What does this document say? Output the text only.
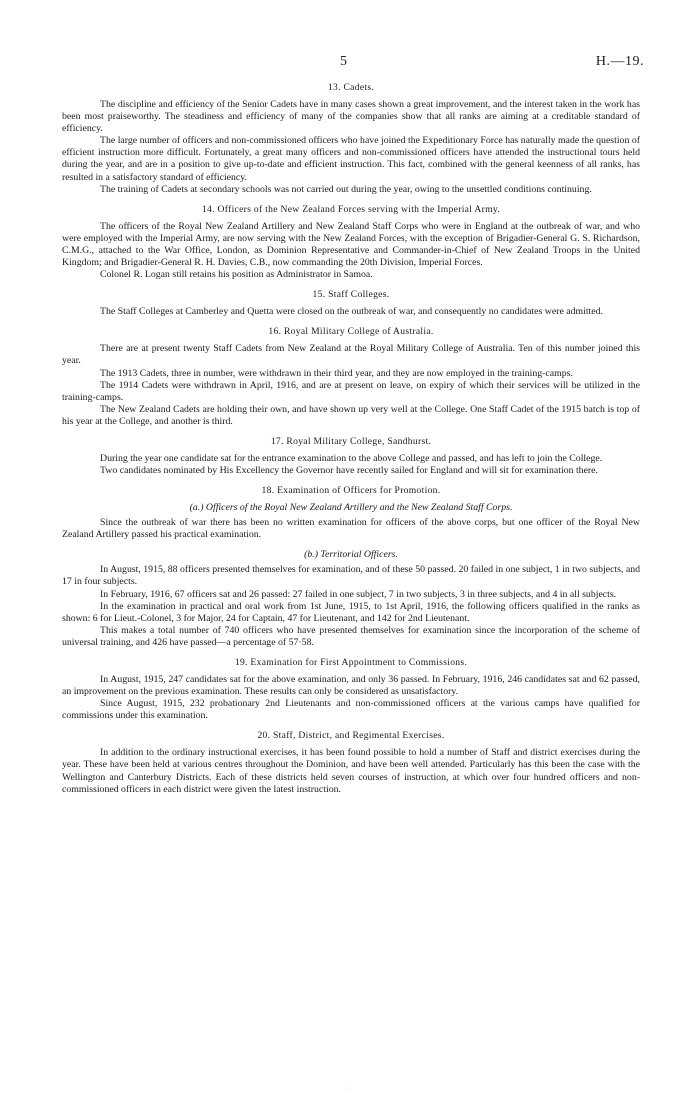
5	H.—19.
13. Cadets.

The discipline and efficiency of the Senior Cadets have in many cases shown a great improvement, and the interest taken in the work has been most praiseworthy. The steadiness and efficiency of many of the companies show that all ranks are aiming at a creditable standard of efficiency.

The large number of officers and non-commissioned officers who have joined the Expeditionary Force has naturally made the question of efficient instruction more difficult. Fortunately, a great many officers and non-commissioned officers have attended the instructional tours held during the year, and are in a position to give up-to-date and efficient instruction. This fact, combined with the general keenness of all ranks, has resulted in a satisfactory standard of efficiency.

The training of Cadets at secondary schools was not carried out during the year, owing to the unsettled conditions continuing.

14. Officers of the New Zealand Forces serving with the Imperial Army.

The officers of the Royal New Zealand Artillery and New Zealand Staff Corps who were in England at the outbreak of war, and who were employed with the Imperial Army, are now serving with the New Zealand Forces, with the exception of Brigadier-General G. S. Richardson, C.M.G., attached to the War Office, London, as Dominion Representative and Commander-in-Chief of New Zealand Troops in the United Kingdom; and Brigadier-General R. H. Davies, C.B., now commanding the 20th Division, Imperial Forces.

Colonel R. Logan still retains his position as Administrator in Samoa.

15. Staff Colleges.

The Staff Colleges at Camberley and Quetta were closed on the outbreak of war, and consequently no candidates were admitted.

16. Royal Military College of Australia.

There are at present twenty Staff Cadets from New Zealand at the Royal Military College of Australia. Ten of this number joined this year.

The 1913 Cadets, three in number, were withdrawn in their third year, and they are now employed in the training-camps.

The 1914 Cadets were withdrawn in April, 1916, and are at present on leave, on expiry of which their services will be utilized in the training-camps.

The New Zealand Cadets are holding their own, and have shown up very well at the College. One Staff Cadet of the 1915 batch is top of his year at the College, and another is third.

17. Royal Military College, Sandhurst.

During the year one candidate sat for the entrance examination to the above College and passed, and has left to join the College.

Two candidates nominated by His Excellency the Governor have recently sailed for England and will sit for examination there.

18. Examination of Officers for Promotion.
(a.) Officers of the Royal New Zealand Artillery and the New Zealand Staff Corps.

Since the outbreak of war there has been no written examination for officers of the above corps, but one officer of the Royal New Zealand Artillery passed his practical examination.

(b.) Territorial Officers.

In August, 1915, 88 officers presented themselves for examination, and of these 50 passed. 20 failed in one subject, 1 in two subjects, and 17 in four subjects.

In February, 1916, 67 officers sat and 26 passed: 27 failed in one subject, 7 in two subjects, 3 in three subjects, and 4 in all subjects.

In the examination in practical and oral work from 1st June, 1915, to 1st April, 1916, the following officers qualified in the ranks as shown: 6 for Lieut.-Colonel, 3 for Major, 24 for Captain, 47 for Lieutenant, and 142 for 2nd Lieutenant.

This makes a total number of 740 officers who have presented themselves for examination since the incorporation of the scheme of universal training, and 426 have passed—a percentage of 57·58.

19. Examination for First Appointment to Commissions.

In August, 1915, 247 candidates sat for the above examination, and only 36 passed. In February, 1916, 246 candidates sat and 62 passed, an improvement on the previous examination. These results can only be considered as unsatisfactory.

Since August, 1915, 232 probationary 2nd Lieutenants and non-commissioned officers at the various camps have qualified for commissions under this examination.

20. Staff, District, and Regimental Exercises.

In addition to the ordinary instructional exercises, it has been found possible to hold a number of Staff and district exercises during the year. These have been held at various centres throughout the Dominion, and have been well attended. Particularly has this been the case with the Wellington and Canterbury Districts. Each of these districts held seven courses of instruction, at which over four hundred officers and non-commissioned officers in each district were given the latest instruction.

·
